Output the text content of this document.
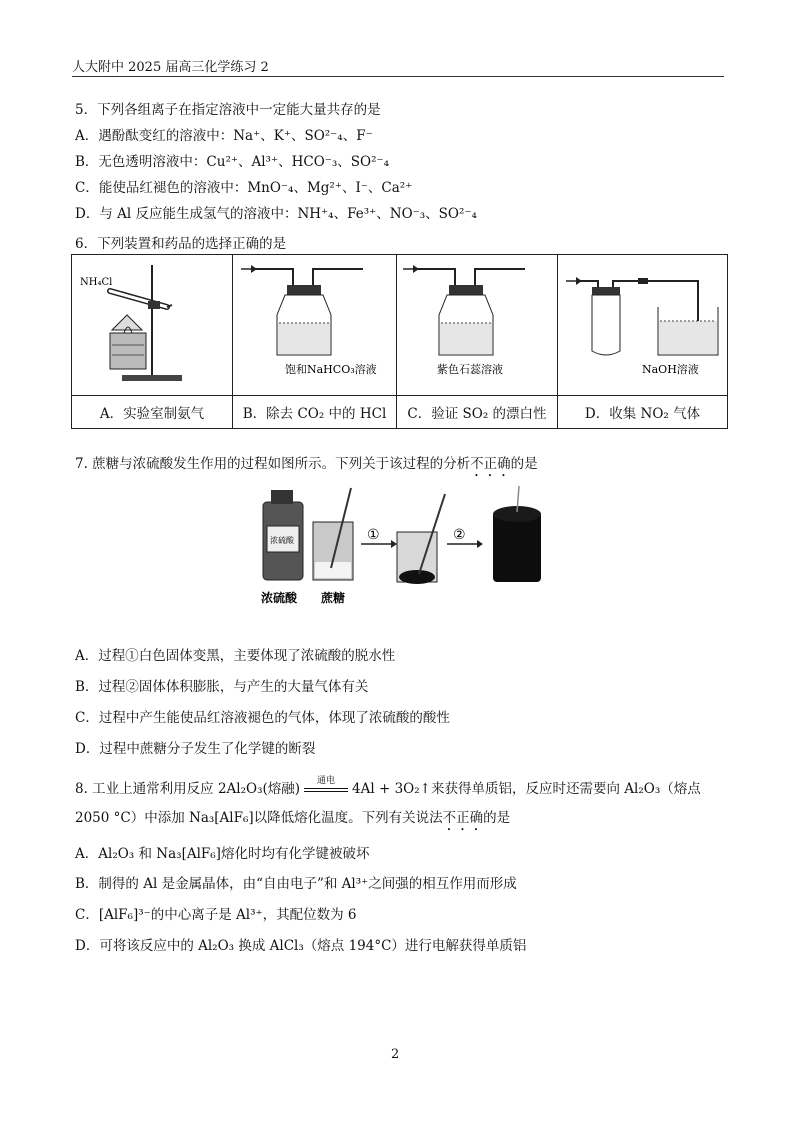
人大附中 2025 届高三化学练习 2
5．下列各组离子在指定溶液中一定能大量共存的是
A．遇酚酞变红的溶液中：Na⁺、K⁺、SO²⁻₄、F⁻
B．无色透明溶液中：Cu²⁺、Al³⁺、HCO⁻₃、SO²⁻₄
C．能使品红褪色的溶液中：MnO⁻₄、Mg²⁺、I⁻、Ca²⁺
D．与 Al 反应能生成氢气的溶液中：NH⁺₄、Fe³⁺、NO⁻₃、SO²⁻₄
6．下列装置和药品的选择正确的是
NH₄Cl	饱和NaHCO₃溶液	紫色石蕊溶液	NaOH溶液

A．实验室制氨气	B．除去 CO₂ 中的 HCl	C．验证 SO₂ 的漂白性	D．收集 NO₂ 气体
7. 蔗糖与浓硫酸发生作用的过程如图所示。下列关于该过程的分析不正确的是
浓硫酸
浓硫酸 蔗糖
①	②
A．过程①白色固体变黑，主要体现了浓硫酸的脱水性
B．过程②固体体积膨胀，与产生的大量气体有关
C．过程中产生能使品红溶液褪色的气体，体现了浓硫酸的酸性
D．过程中蔗糖分子发生了化学键的断裂
8. 工业上通常利用反应 2Al₂O₃(熔融)
通电
4Al + 3O₂↑来获得单质铝，反应时还需要向 Al₂O₃（熔点
2050 °C）中添加 Na₃[AlF₆]以降低熔化温度。下列有关说法不正确的是
A．Al₂O₃ 和 Na₃[AlF₆]熔化时均有化学键被破坏
B．制得的 Al 是金属晶体，由“自由电子”和 Al³⁺之间强的相互作用而形成
C．[AlF₆]³⁻的中心离子是 Al³⁺，其配位数为 6
D．可将该反应中的 Al₂O₃ 换成 AlCl₃（熔点 194°C）进行电解获得单质铝
2
